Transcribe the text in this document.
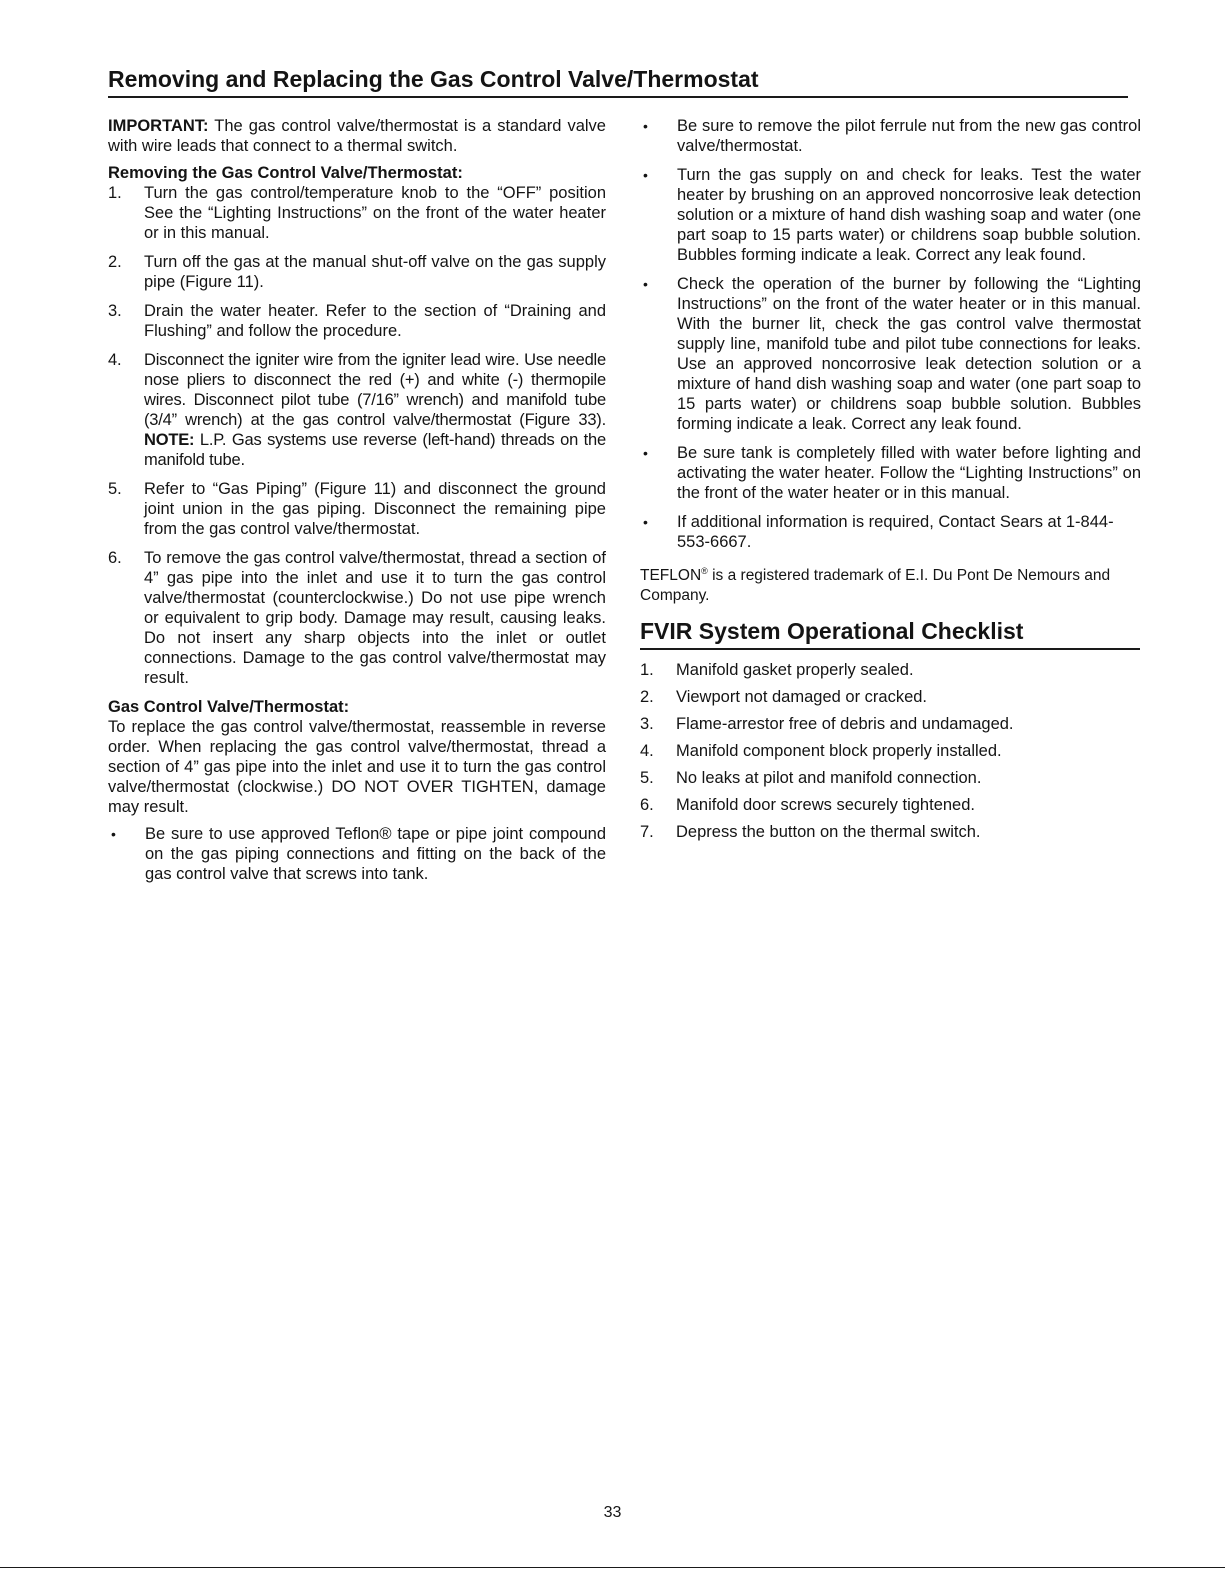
Removing and Replacing the Gas Control Valve/Thermostat

IMPORTANT: The gas control valve/thermostat is a standard valve with wire leads that connect to a thermal switch.

Removing the Gas Control Valve/Thermostat:

1. Turn the gas control/temperature knob to the “OFF” position See the “Lighting Instructions” on the front of the water heater or in this manual.
2. Turn off the gas at the manual shut-off valve on the gas supply pipe (Figure 11).
3. Drain the water heater. Refer to the section of “Draining and Flushing” and follow the procedure.
4. Disconnect the igniter wire from the igniter lead wire. Use needle nose pliers to disconnect the red (+) and white (-) thermopile wires. Disconnect pilot tube (7/16” wrench) and manifold tube (3/4” wrench) at the gas control valve/thermostat (Figure 33). NOTE: L.P. Gas systems use reverse (left-hand) threads on the manifold tube.
5. Refer to “Gas Piping” (Figure 11) and disconnect the ground joint union in the gas piping. Disconnect the remaining pipe from the gas control valve/thermostat.
6. To remove the gas control valve/thermostat, thread a section of 4” gas pipe into the inlet and use it to turn the gas control valve/thermostat (counterclockwise.) Do not use pipe wrench or equivalent to grip body. Damage may result, causing leaks. Do not insert any sharp objects into the inlet or outlet connections. Damage to the gas control valve/thermostat may result.

Gas Control Valve/Thermostat:

To replace the gas control valve/thermostat, reassemble in reverse order. When replacing the gas control valve/thermostat, thread a section of 4” gas pipe into the inlet and use it to turn the gas control valve/thermostat (clockwise.) DO NOT OVER TIGHTEN, damage may result.

• Be sure to use approved Teflon® tape or pipe joint compound on the gas piping connections and fitting on the back of the gas control valve that screws into tank.
• Be sure to remove the pilot ferrule nut from the new gas control valve/thermostat.
• Turn the gas supply on and check for leaks. Test the water heater by brushing on an approved noncorrosive leak detection solution or a mixture of hand dish washing soap and water (one part soap to 15 parts water) or childrens soap bubble solution. Bubbles forming indicate a leak. Correct any leak found.
• Check the operation of the burner by following the “Lighting Instructions” on the front of the water heater or in this manual. With the burner lit, check the gas control valve thermostat supply line, manifold tube and pilot tube connections for leaks. Use an approved noncorrosive leak detection solution or a mixture of hand dish washing soap and water (one part soap to 15 parts water) or childrens soap bubble solution. Bubbles forming indicate a leak. Correct any leak found.
• Be sure tank is completely filled with water before lighting and activating the water heater. Follow the “Lighting Instructions” on the front of the water heater or in this manual.
• If additional information is required, Contact Sears at 1-844-553-6667.

TEFLON® is a registered trademark of E.I. Du Pont De Nemours and Company.

FVIR System Operational Checklist
1. Manifold gasket properly sealed.
2. Viewport not damaged or cracked.
3. Flame-arrestor free of debris and undamaged.
4. Manifold component block properly installed.
5. No leaks at pilot and manifold connection.
6. Manifold door screws securely tightened.
7. Depress the button on the thermal switch.
33
